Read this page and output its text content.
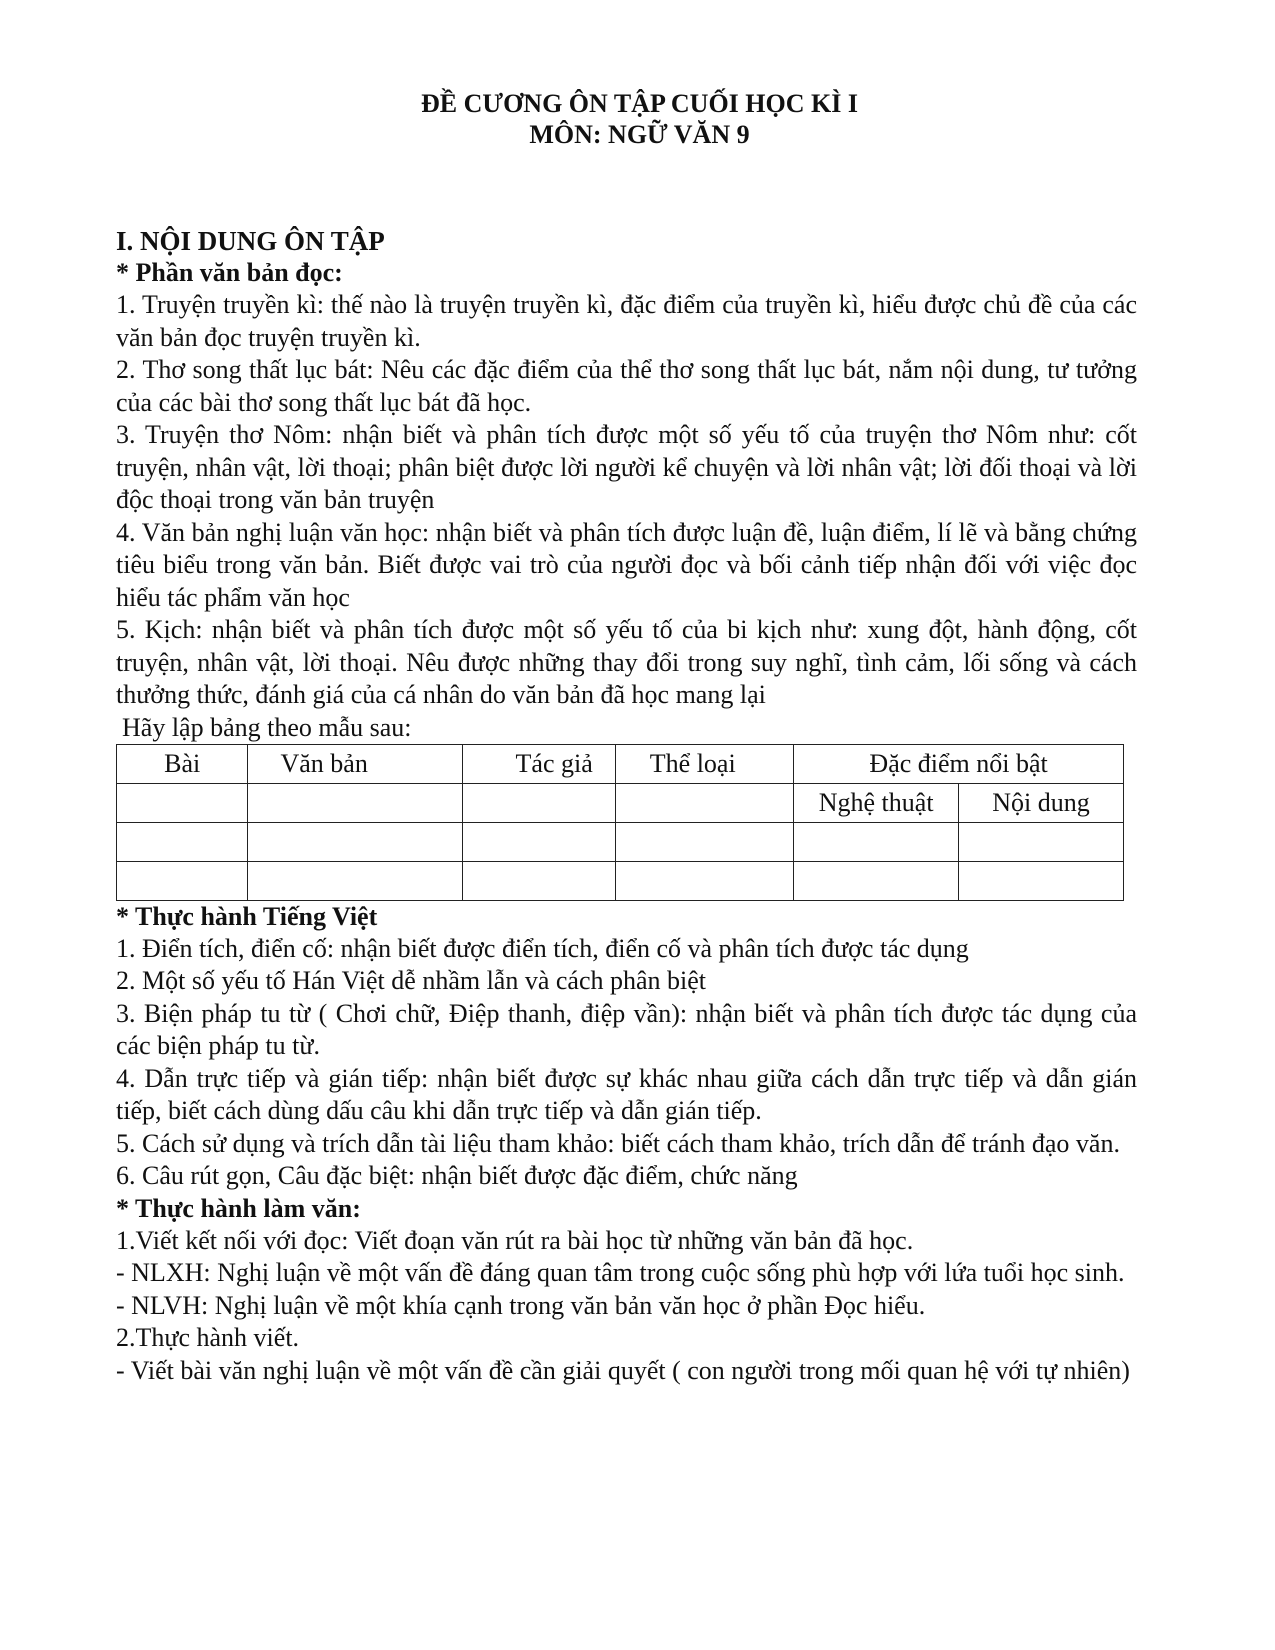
ĐỀ CƯƠNG ÔN TẬP CUỐI HỌC KÌ I

MÔN: NGỮ VĂN 9

I. NỘI DUNG ÔN TẬP

* Phần văn bản đọc:

1. Truyện truyền kì: thế nào là truyện truyền kì, đặc điểm của truyền kì, hiểu được chủ đề của các văn bản đọc truyện truyền kì.

2. Thơ song thất lục bát: Nêu các đặc điểm của thể thơ song thất lục bát, nắm nội dung, tư tưởng của các bài thơ song thất lục bát đã học.

3. Truyện thơ Nôm: nhận biết và phân tích được một số yếu tố của truyện thơ Nôm như: cốt truyện, nhân vật, lời thoại; phân biệt được lời người kể chuyện và lời nhân vật; lời đối thoại và lời độc thoại trong văn bản truyện

4. Văn bản nghị luận văn học: nhận biết và phân tích được luận đề, luận điểm, lí lẽ và bằng chứng tiêu biểu trong văn bản. Biết được vai trò của người đọc và bối cảnh tiếp nhận đối với việc đọc hiểu tác phẩm văn học

5. Kịch: nhận biết và phân tích được một số yếu tố của bi kịch như: xung đột, hành động, cốt truyện, nhân vật, lời thoại. Nêu được những thay đổi trong suy nghĩ, tình cảm, lối sống và cách thưởng thức, đánh giá của cá nhân do văn bản đã học mang lại

Hãy lập bảng theo mẫu sau:

Bài	Văn bản	Tác giả	Thể loại	Đặc điểm nổi bật	
				Nghệ thuật	Nội dung

* Thực hành Tiếng Việt

1. Điển tích, điển cố: nhận biết được điển tích, điển cố và phân tích được tác dụng

2. Một số yếu tố Hán Việt dễ nhầm lẫn và cách phân biệt

3. Biện pháp tu từ ( Chơi chữ, Điệp thanh, điệp vần): nhận biết và phân tích được tác dụng của các biện pháp tu từ.

4. Dẫn trực tiếp và gián tiếp: nhận biết được sự khác nhau giữa cách dẫn trực tiếp và dẫn gián tiếp, biết cách dùng dấu câu khi dẫn trực tiếp và dẫn gián tiếp.

5. Cách sử dụng và trích dẫn tài liệu tham khảo: biết cách tham khảo, trích dẫn để tránh đạo văn.

6. Câu rút gọn, Câu đặc biệt: nhận biết được đặc điểm, chức năng

* Thực hành làm văn:

1.Viết kết nối với đọc: Viết đoạn văn rút ra bài học từ những văn bản đã học.

- NLXH: Nghị luận về một vấn đề đáng quan tâm trong cuộc sống phù hợp với lứa tuổi học sinh.

- NLVH: Nghị luận về một khía cạnh trong văn bản văn học ở phần Đọc hiểu.

2.Thực hành viết.

- Viết bài văn nghị luận về một vấn đề cần giải quyết ( con người trong mối quan hệ với tự nhiên)
